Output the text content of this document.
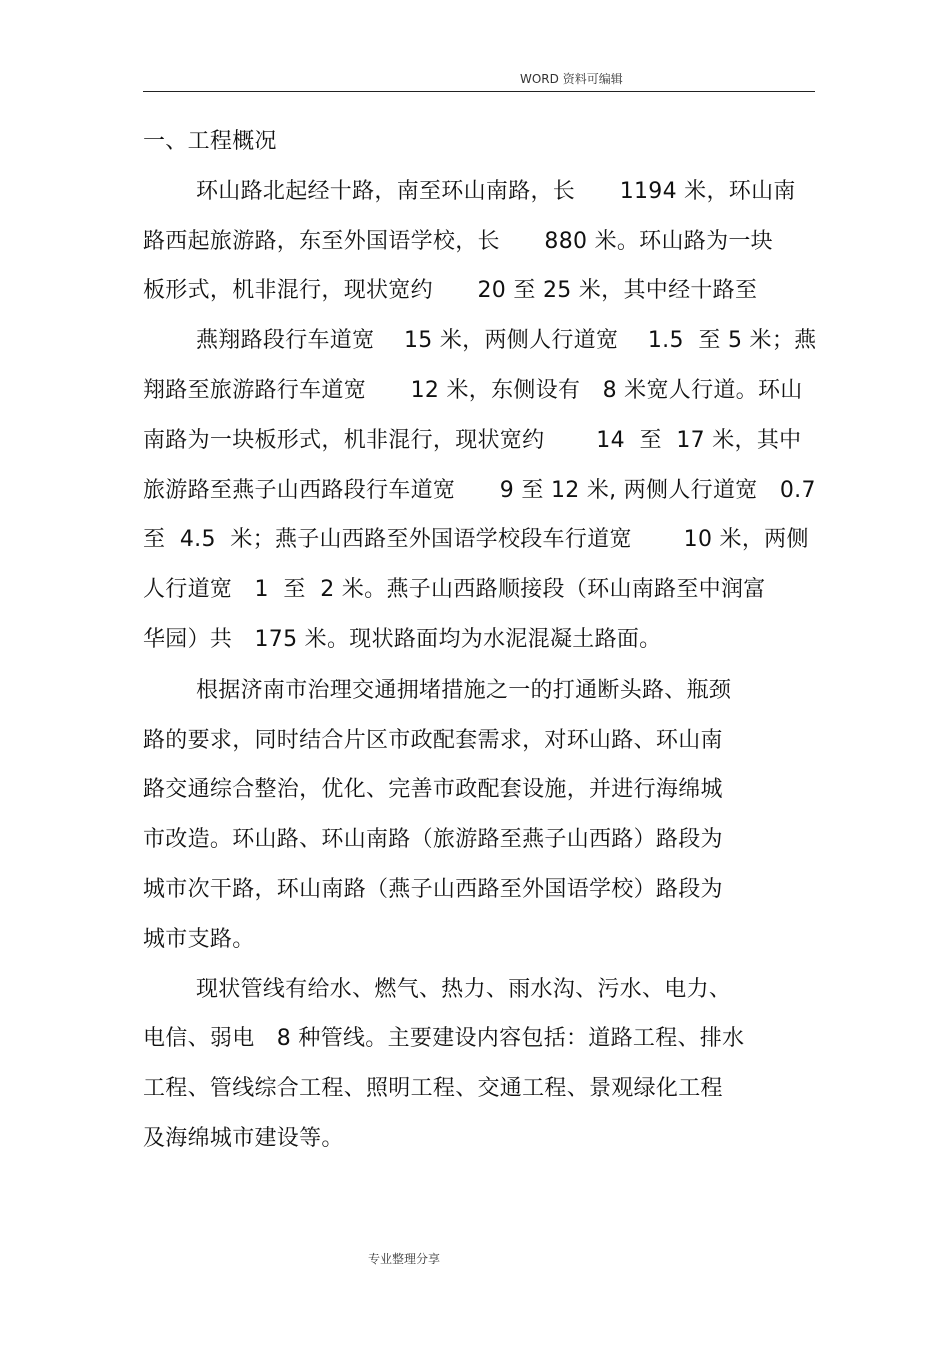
WORD 资料可编辑
一、工程概况
环山路北起经十路，南至环山南路，长　　1194 米，环山南
路西起旅游路，东至外国语学校，长　　880 米。环山路为一块
板形式，机非混行，现状宽约　　20 至 25 米，其中经十路至
燕翔路段行车道宽　 15 米，两侧人行道宽　 1.5  至 5 米；燕
翔路至旅游路行车道宽　　12 米，东侧设有　8 米宽人行道。环山
南路为一块板形式，机非混行，现状宽约　　 14  至  17 米，其中
旅游路至燕子山西路段行车道宽　　9 至 12 米, 两侧人行道宽　0.7
至  4.5  米；燕子山西路至外国语学校段车行道宽　　 10 米，两侧
人行道宽　1  至  2 米。燕子山西路顺接段（环山南路至中润富
华园）共　175 米。现状路面均为水泥混凝土路面。
根据济南市治理交通拥堵措施之一的打通断头路、瓶颈
路的要求，同时结合片区市政配套需求，对环山路、环山南
路交通综合整治，优化、完善市政配套设施，并进行海绵城
市改造。环山路、环山南路（旅游路至燕子山西路）路段为
城市次干路，环山南路（燕子山西路至外国语学校）路段为
城市支路。
现状管线有给水、燃气、热力、雨水沟、污水、电力、
电信、弱电　8 种管线。主要建设内容包括：道路工程、排水
工程、管线综合工程、照明工程、交通工程、景观绿化工程
及海绵城市建设等。
专业整理分享
